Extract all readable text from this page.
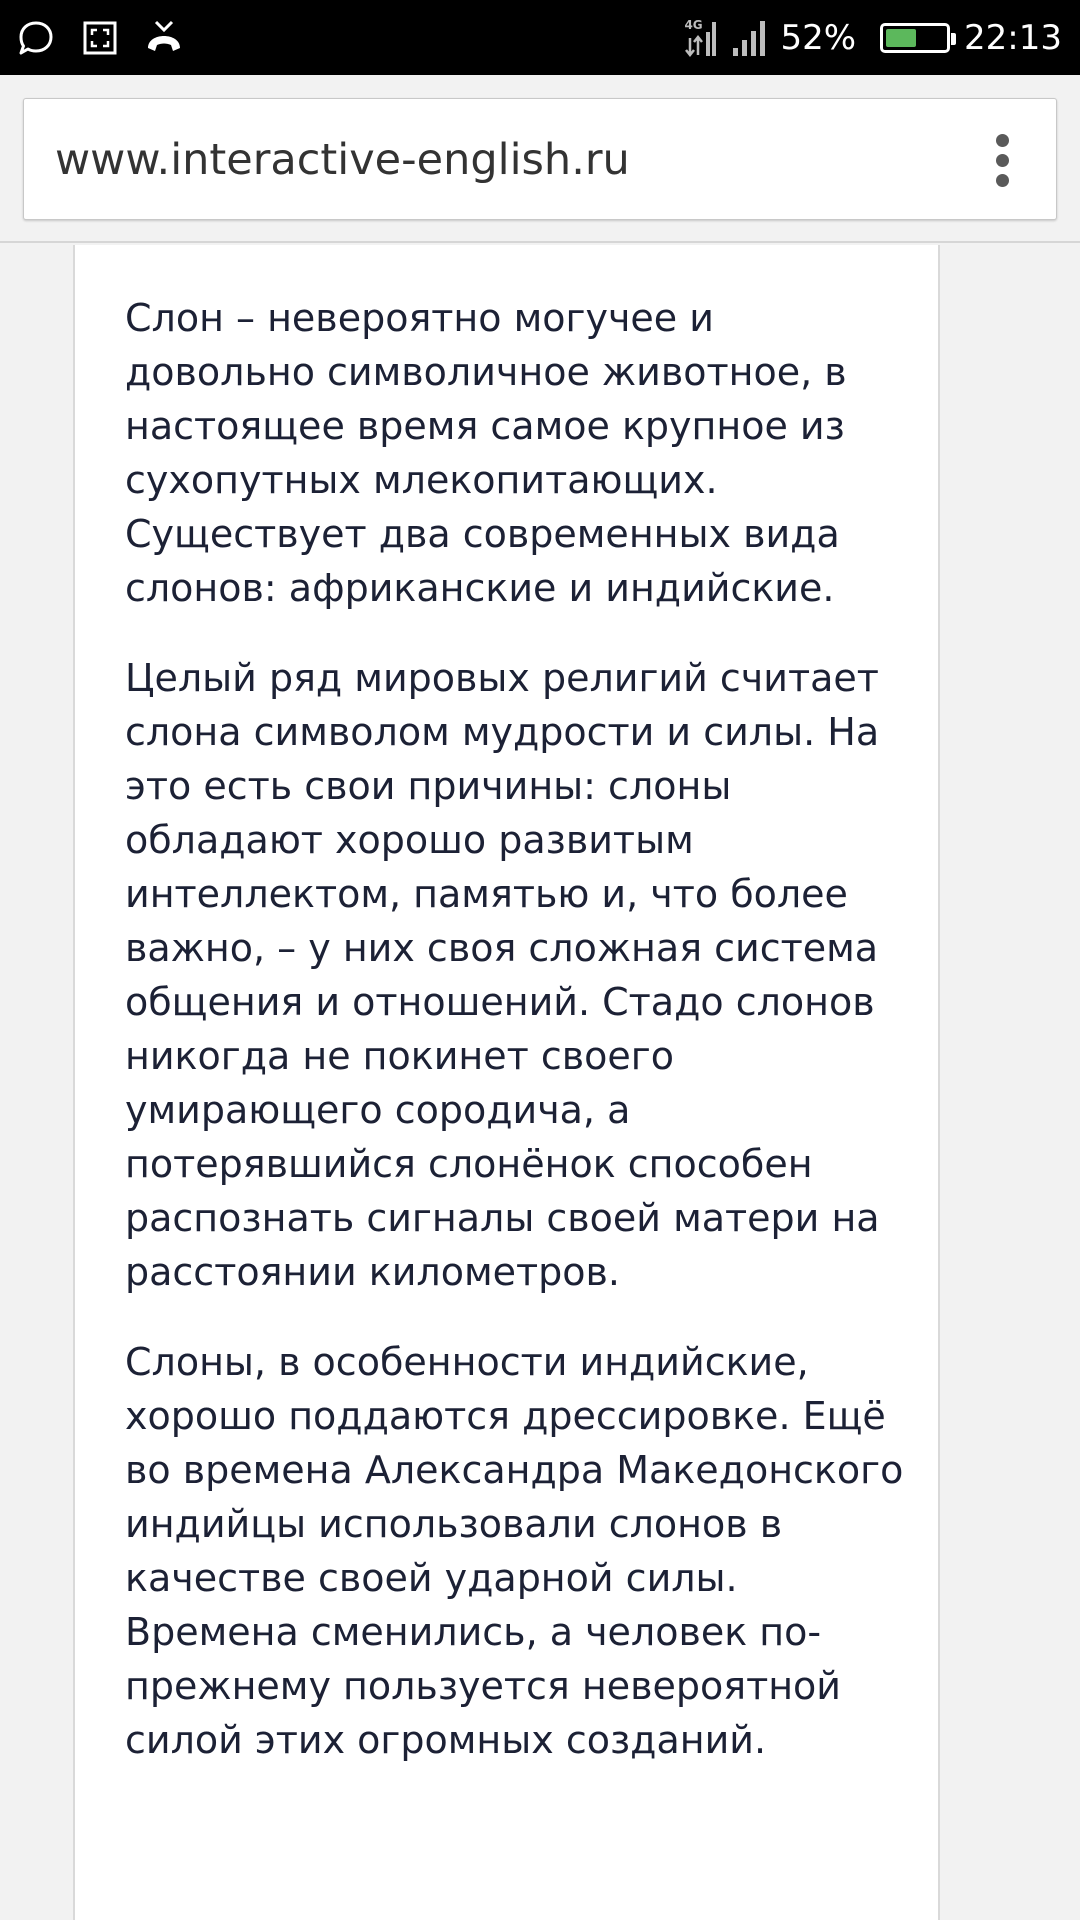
4G 52%	22:13
www.interactive-english.ru

Слон – невероятно могучее и довольно символичное животное, в настоящее время самое крупное из сухопутных млекопитающих. Существует два современных вида слонов: африканские и индийские.

Целый ряд мировых религий считает слона символом мудрости и силы. На это есть свои причины: слоны обладают хорошо развитым интеллектом, памятью и, что более важно, – у них своя сложная система общения и отношений. Стадо слонов никогда не покинет своего умирающего сородича, а потерявшийся слонёнок способен распознать сигналы своей матери на расстоянии километров.

Слоны, в особенности индийские, хорошо поддаются дрессировке. Ещё во времена Александра Македонского индийцы использовали слонов в качестве своей ударной силы. Времена сменились, а человек по-прежнему пользуется невероятной силой этих огромных созданий.
